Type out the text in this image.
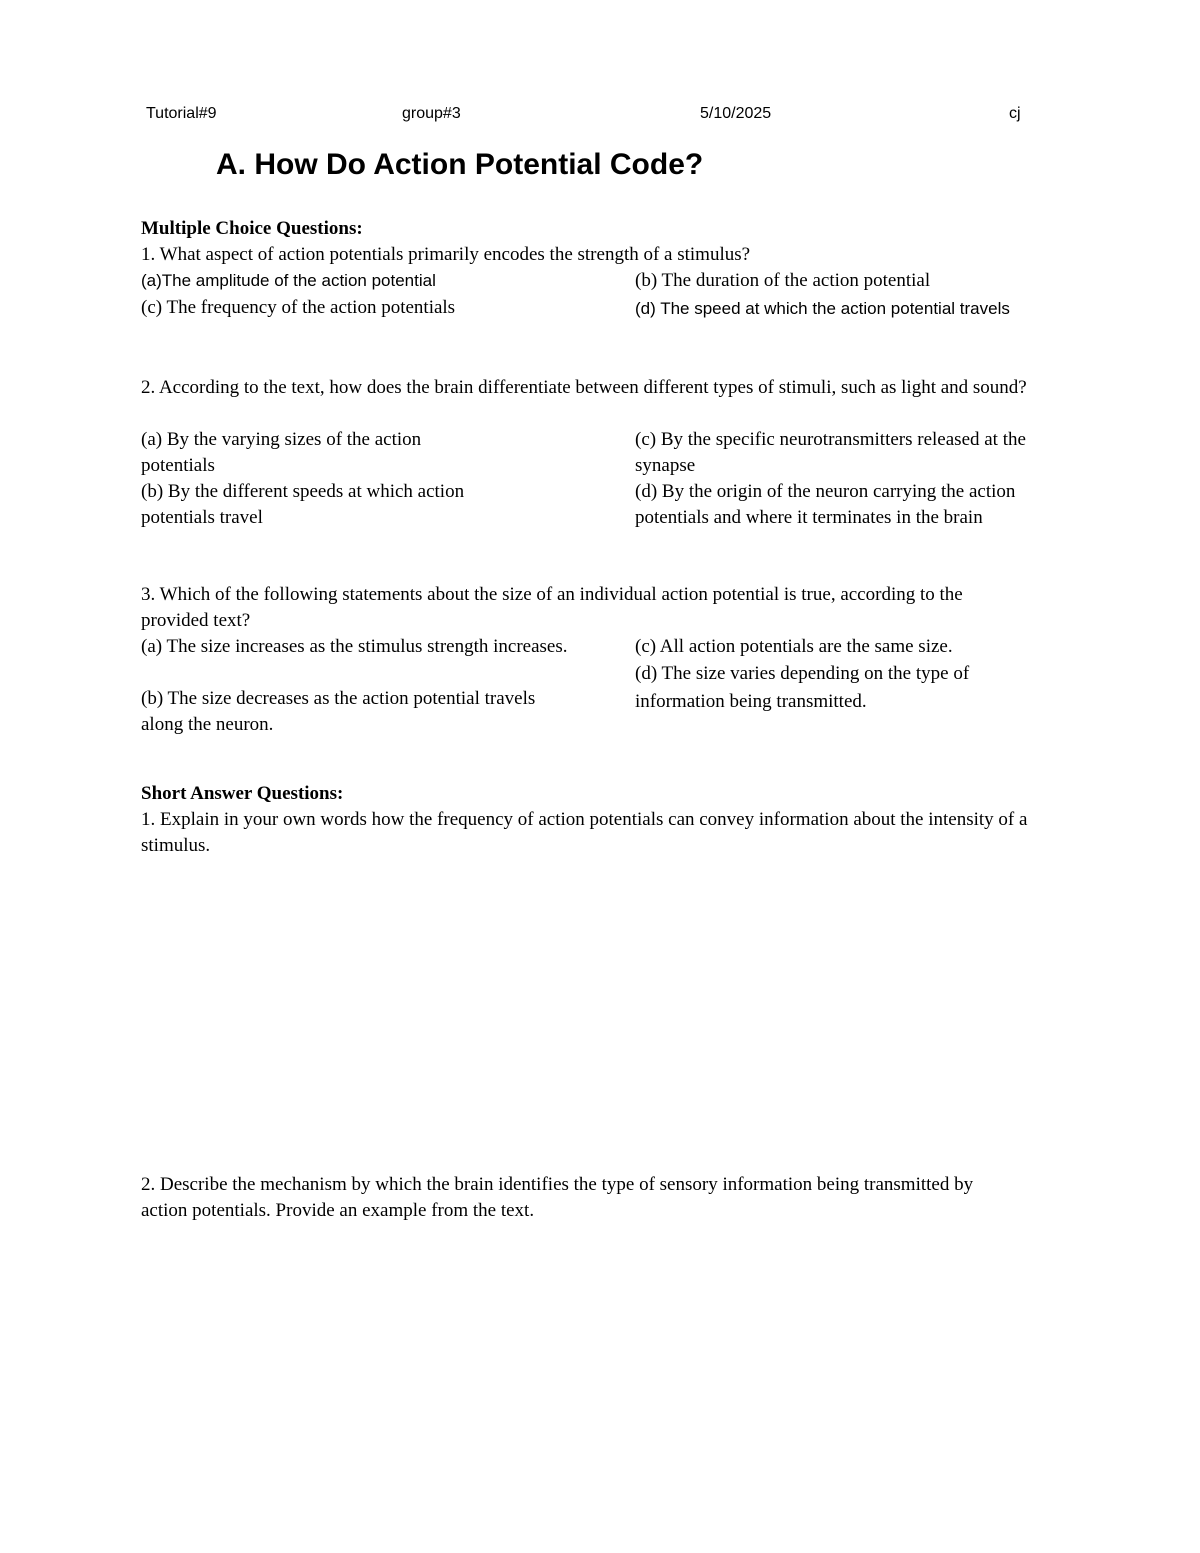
Tutorial#9	group#3	5/10/2025	cj
A. How Do Action Potential Code?
Multiple Choice Questions:
1. What aspect of action potentials primarily encodes the strength of a stimulus?
(a)The amplitude of the action potential	(b) The duration of the action potential
(c) The frequency of the action potentials	(d) The speed at which the action potential travels
2. According to the text, how does the brain differentiate between different types of stimuli, such as light and sound?
(a) By the varying sizes of the action potentials
(b) By the different speeds at which action potentials travel
(c) By the specific neurotransmitters released at the synapse
(d) By the origin of the neuron carrying the action potentials and where it terminates in the brain
3. Which of the following statements about the size of an individual action potential is true, according to the provided text?
(a) The size increases as the stimulus strength increases.
(b) The size decreases as the action potential travels along the neuron.
(c) All action potentials are the same size.
(d) The size varies depending on the type of information being transmitted.
Short Answer Questions:
1. Explain in your own words how the frequency of action potentials can convey information about the intensity of a stimulus.
2. Describe the mechanism by which the brain identifies the type of sensory information being transmitted by action potentials. Provide an example from the text.
